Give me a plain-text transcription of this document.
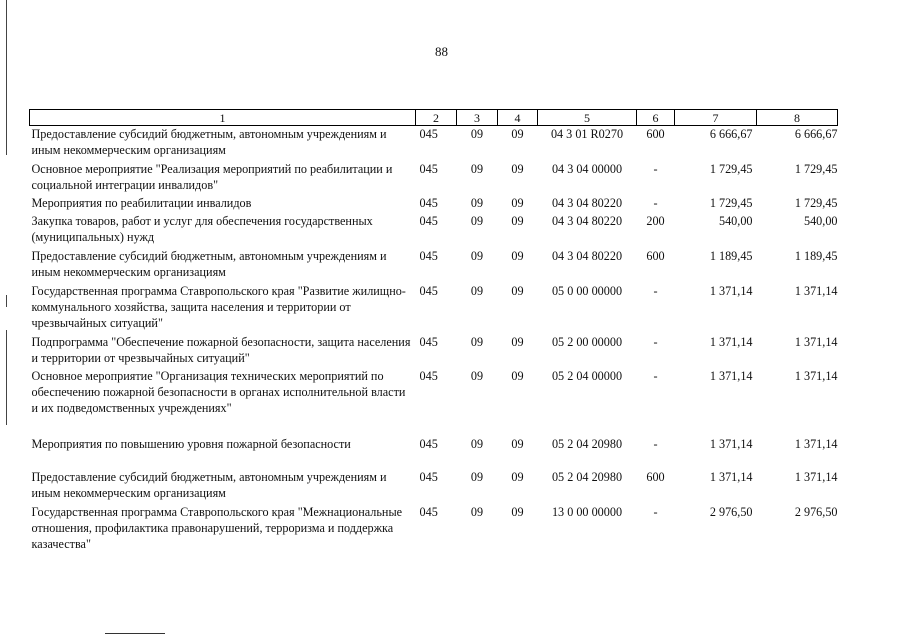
88
1	2	3	4	5	6	7	8
Предоставление субсидий бюджетным, автономным учреждениям и иным некоммерческим организациям	045	09	09	04 3 01 R0270	600	6 666,67	6 666,67
Основное мероприятие "Реализация мероприятий по реабилитации и социальной интеграции инвалидов"	045	09	09	04 3 04 00000	-	1 729,45	1 729,45
Мероприятия по реабилитации инвалидов	045	09	09	04 3 04 80220	-	1 729,45	1 729,45
Закупка товаров, работ и услуг для обеспечения государственных (муниципальных) нужд	045	09	09	04 3 04 80220	200	540,00	540,00
Предоставление субсидий бюджетным, автономным учреждениям и иным некоммерческим организациям	045	09	09	04 3 04 80220	600	1 189,45	1 189,45
Государственная программа Ставропольского края "Развитие жилищно-коммунального хозяйства, защита населения и территории от чрезвычайных ситуаций"	045	09	09	05 0 00 00000	-	1 371,14	1 371,14
Подпрограмма "Обеспечение пожарной безопасности, защита населения и территории от чрезвычайных ситуаций"	045	09	09	05 2 00 00000	-	1 371,14	1 371,14
Основное мероприятие "Организация технических мероприятий по обеспечению пожарной безопасности в органах исполнительной власти и их подведомственных учреждениях"	045	09	09	05 2 04 00000	-	1 371,14	1 371,14
Мероприятия по повышению уровня пожарной безопасности	045	09	09	05 2 04 20980	-	1 371,14	1 371,14
Предоставление субсидий бюджетным, автономным учреждениям и иным некоммерческим организациям	045	09	09	05 2 04 20980	600	1 371,14	1 371,14
Государственная программа Ставропольского края "Межнациональные отношения, профилактика правонарушений, терроризма и поддержка казачества"	045	09	09	13 0 00 00000	-	2 976,50	2 976,50
